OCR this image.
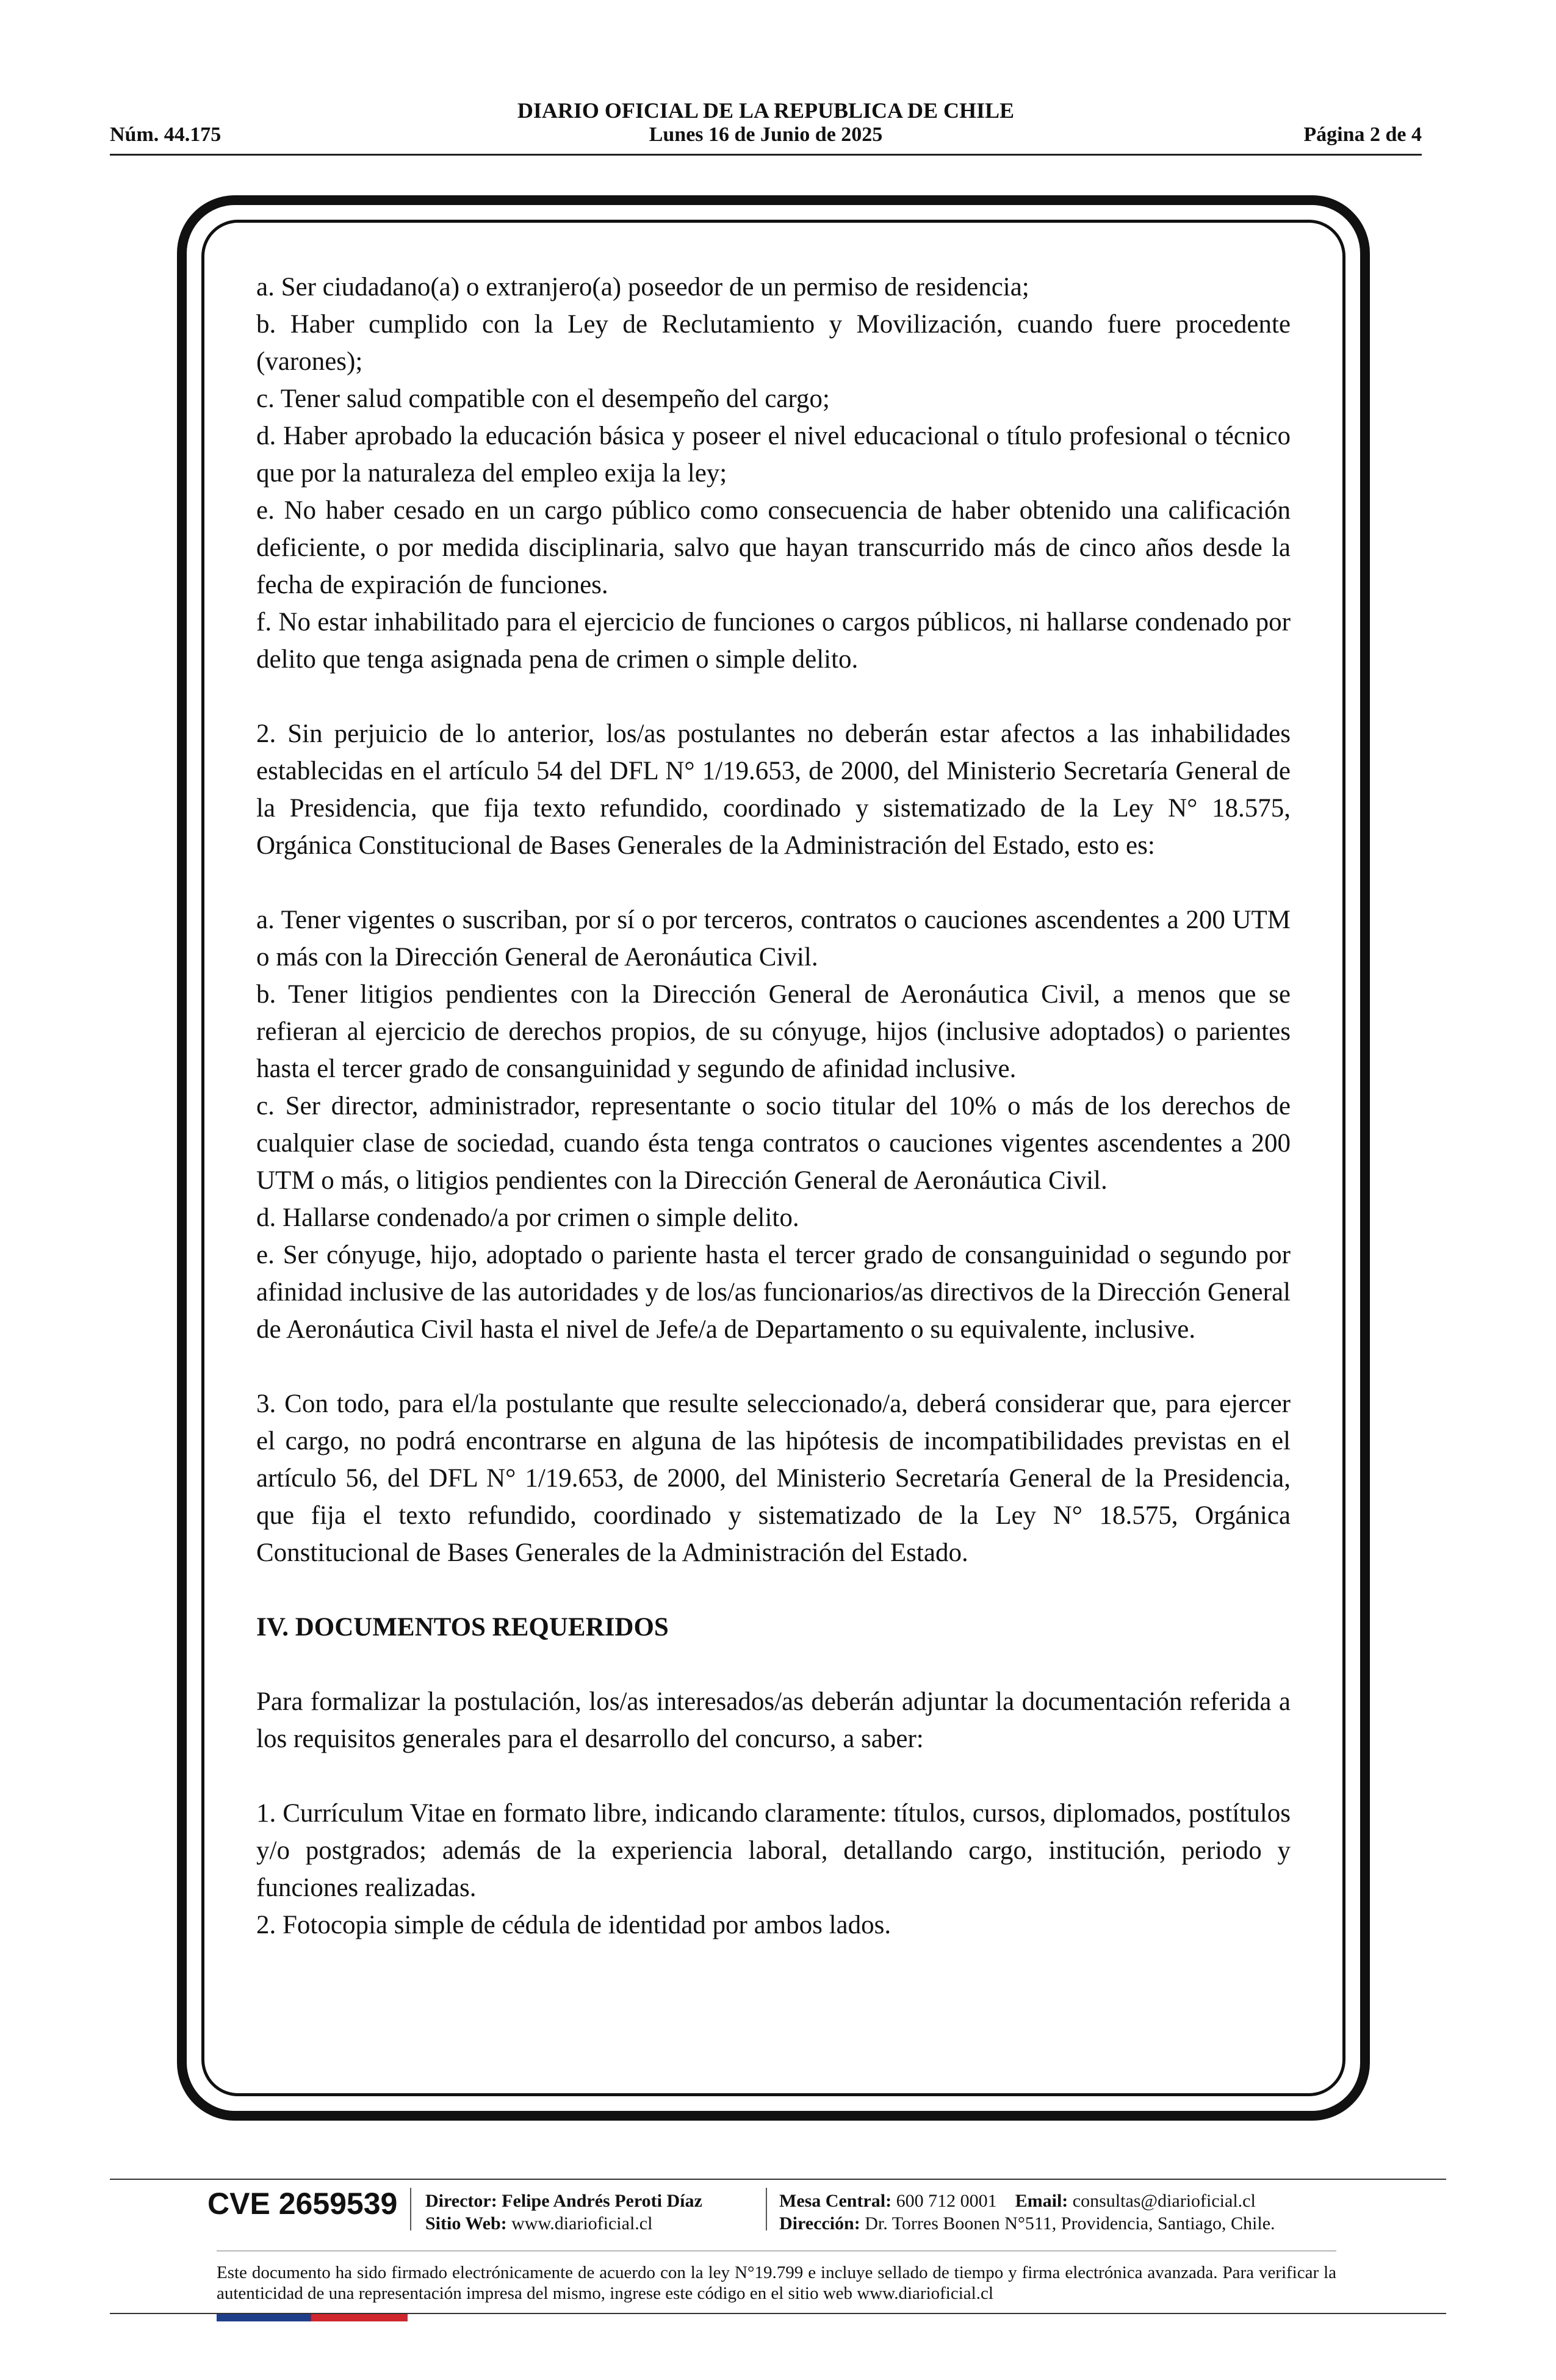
DIARIO OFICIAL DE LA REPUBLICA DE CHILE
Núm. 44.175	Lunes 16 de Junio de 2025	Página 2 de 4

a. Ser ciudadano(a) o extranjero(a) poseedor de un permiso de residencia;

b. Haber cumplido con la Ley de Reclutamiento y Movilización, cuando fuere procedente (varones);

c. Tener salud compatible con el desempeño del cargo;

d. Haber aprobado la educación básica y poseer el nivel educacional o título profesional o técnico que por la naturaleza del empleo exija la ley;

e. No haber cesado en un cargo público como consecuencia de haber obtenido una calificación deficiente, o por medida disciplinaria, salvo que hayan transcurrido más de cinco años desde la fecha de expiración de funciones.

f. No estar inhabilitado para el ejercicio de funciones o cargos públicos, ni hallarse condenado por delito que tenga asignada pena de crimen o simple delito.

2. Sin perjuicio de lo anterior, los/as postulantes no deberán estar afectos a las inhabilidades establecidas en el artículo 54 del DFL N° 1/19.653, de 2000, del Ministerio Secretaría General de la Presidencia, que fija texto refundido, coordinado y sistematizado de la Ley N° 18.575, Orgánica Constitucional de Bases Generales de la Administración del Estado, esto es:

a. Tener vigentes o suscriban, por sí o por terceros, contratos o cauciones ascendentes a 200 UTM o más con la Dirección General de Aeronáutica Civil.

b. Tener litigios pendientes con la Dirección General de Aeronáutica Civil, a menos que se refieran al ejercicio de derechos propios, de su cónyuge, hijos (inclusive adoptados) o parientes hasta el tercer grado de consanguinidad y segundo de afinidad inclusive.

c. Ser director, administrador, representante o socio titular del 10% o más de los derechos de cualquier clase de sociedad, cuando ésta tenga contratos o cauciones vigentes ascendentes a 200 UTM o más, o litigios pendientes con la Dirección General de Aeronáutica Civil.

d. Hallarse condenado/a por crimen o simple delito.

e. Ser cónyuge, hijo, adoptado o pariente hasta el tercer grado de consanguinidad o segundo por afinidad inclusive de las autoridades y de los/as funcionarios/as directivos de la Dirección General de Aeronáutica Civil hasta el nivel de Jefe/a de Departamento o su equivalente, inclusive.

3. Con todo, para el/la postulante que resulte seleccionado/a, deberá considerar que, para ejercer el cargo, no podrá encontrarse en alguna de las hipótesis de incompatibilidades previstas en el artículo 56, del DFL N° 1/19.653, de 2000, del Ministerio Secretaría General de la Presidencia, que fija el texto refundido, coordinado y sistematizado de la Ley N° 18.575, Orgánica Constitucional de Bases Generales de la Administración del Estado.

IV. DOCUMENTOS REQUERIDOS

Para formalizar la postulación, los/as interesados/as deberán adjuntar la documentación referida a los requisitos generales para el desarrollo del concurso, a saber:

1. Currículum Vitae en formato libre, indicando claramente: títulos, cursos, diplomados, postítulos y/o postgrados; además de la experiencia laboral, detallando cargo, institución, periodo y funciones realizadas.

2. Fotocopia simple de cédula de identidad por ambos lados.

CVE 2659539 Director: Felipe Andrés Peroti Díaz
Sitio Web: www.diarioficial.cl
Mesa Central: 600 712 0001 Email: consultas@diarioficial.cl
Dirección: Dr. Torres Boonen N°511, Providencia, Santiago, Chile.
Este documento ha sido firmado electrónicamente de acuerdo con la ley N°19.799 e incluye sellado de tiempo y firma electrónica avanzada. Para verificar la autenticidad de una representación impresa del mismo, ingrese este código en el sitio web www.diarioficial.cl
